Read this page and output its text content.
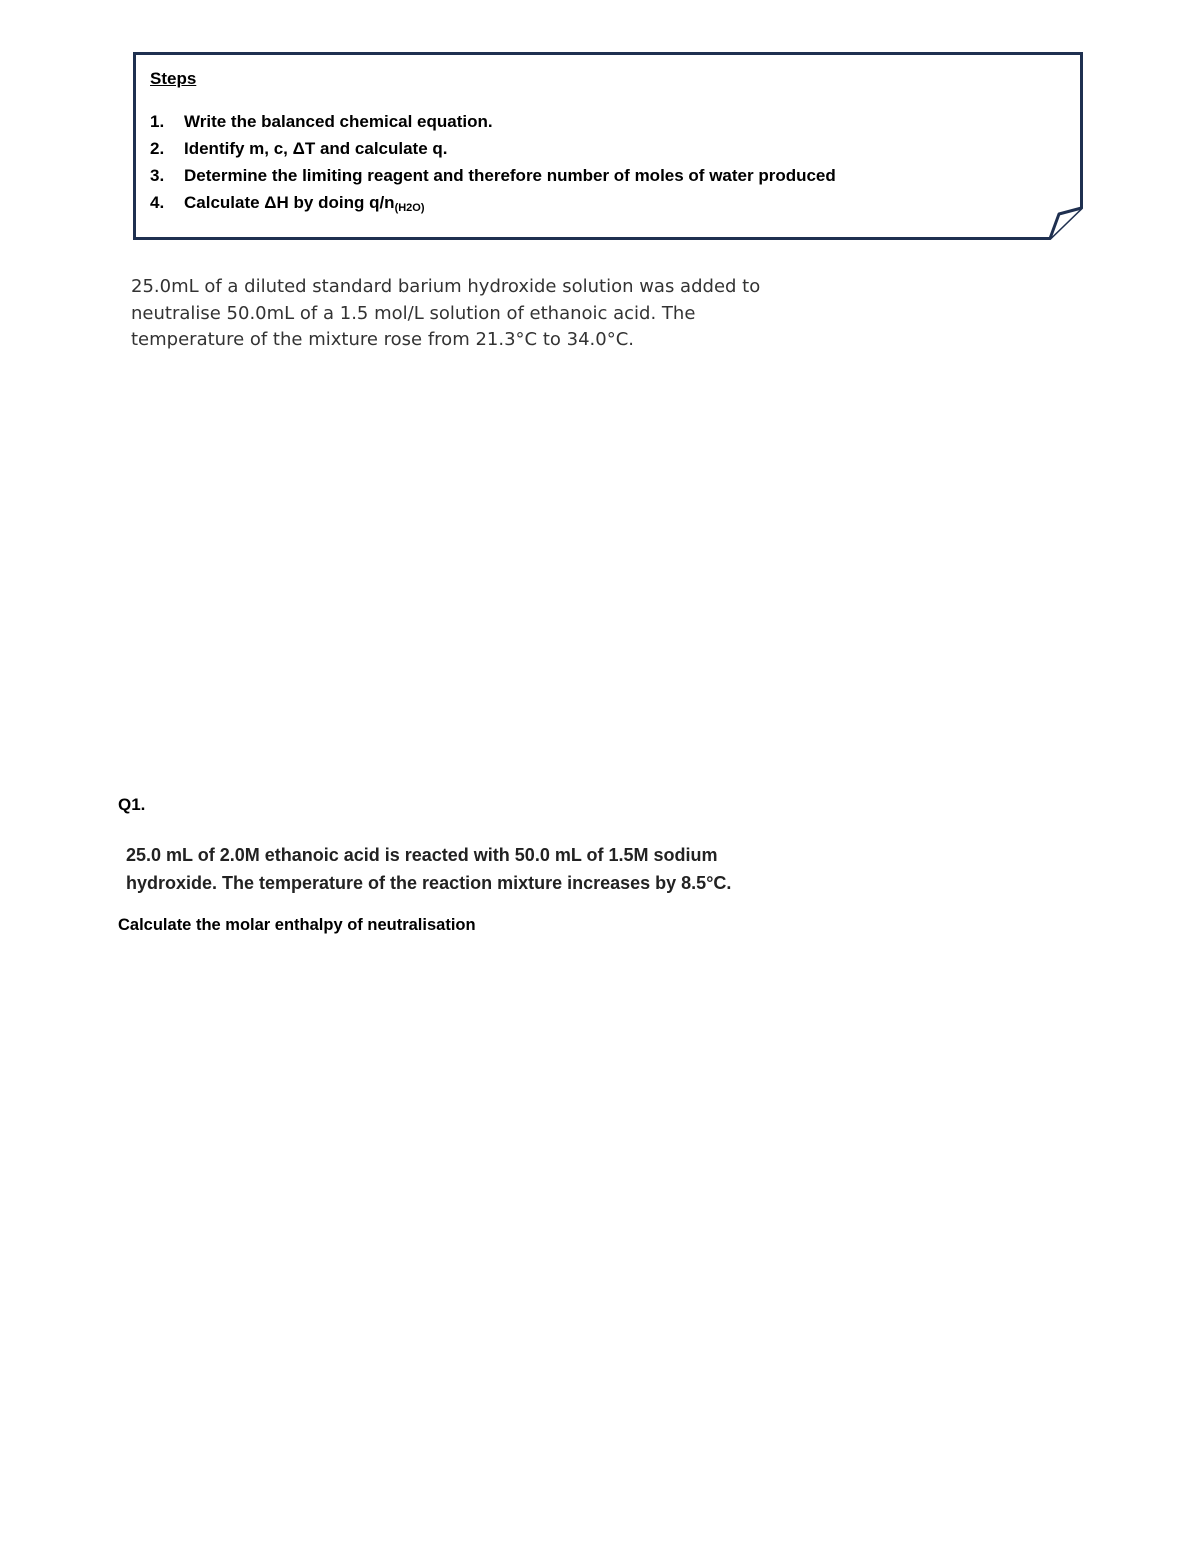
Steps
1.	Write the balanced chemical equation.
2.	Identify m, c, ΔT and calculate q.
3.	Determine the limiting reagent and therefore number of moles of water produced
4.	Calculate ΔH by doing $q/n_{(H2O)}$
25.0mL of a diluted standard barium hydroxide solution was added to
neutralise 50.0mL of a 1.5 mol/L solution of ethanoic acid. The
temperature of the mixture rose from 21.3°C to 34.0°C.
Q1.
25.0 mL of 2.0M ethanoic acid is reacted with 50.0 mL of 1.5M sodium
hydroxide. The temperature of the reaction mixture increases by 8.5°C.
Calculate the molar enthalpy of neutralisation
